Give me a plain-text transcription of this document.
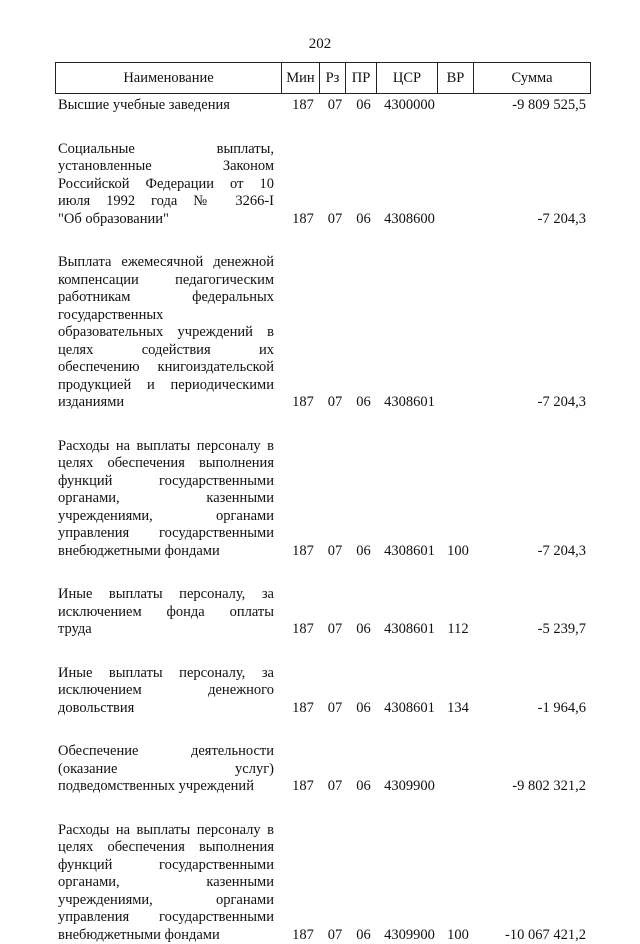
202
Наименование	Мин	Рз	ПР	ЦСР	ВР	Сумма
Высшие учебные заведения	187 07 06 4300000	-9 809 525,5
Социальные выплаты,
установленные Законом
Российской Федерации от 10
июля 1992 года № 3266-I
"Об образовании"	187 07 06 4308600	-7 204,3
Выплата ежемесячной денежной
компенсации педагогическим
работникам федеральных
государственных
образовательных учреждений в
целях содействия их
обеспечению книгоиздательской
продукцией и периодическими
изданиями	187 07 06 4308601	-7 204,3
Расходы на выплаты персоналу в
целях обеспечения выполнения
функций государственными
органами, казенными
учреждениями, органами
управления государственными
внебюджетными фондами	187 07 06 4308601 100	-7 204,3
Иные выплаты персоналу, за
исключением фонда оплаты
труда	187 07 06 4308601 112	-5 239,7
Иные выплаты персоналу, за
исключением денежного
довольствия	187 07 06 4308601 134	-1 964,6
Обеспечение деятельности
(оказание услуг)
подведомственных учреждений	187 07 06 4309900	-9 802 321,2
Расходы на выплаты персоналу в
целях обеспечения выполнения
функций государственными
органами, казенными
учреждениями, органами
управления государственными
внебюджетными фондами	187 07 06 4309900 100	-10 067 421,2
